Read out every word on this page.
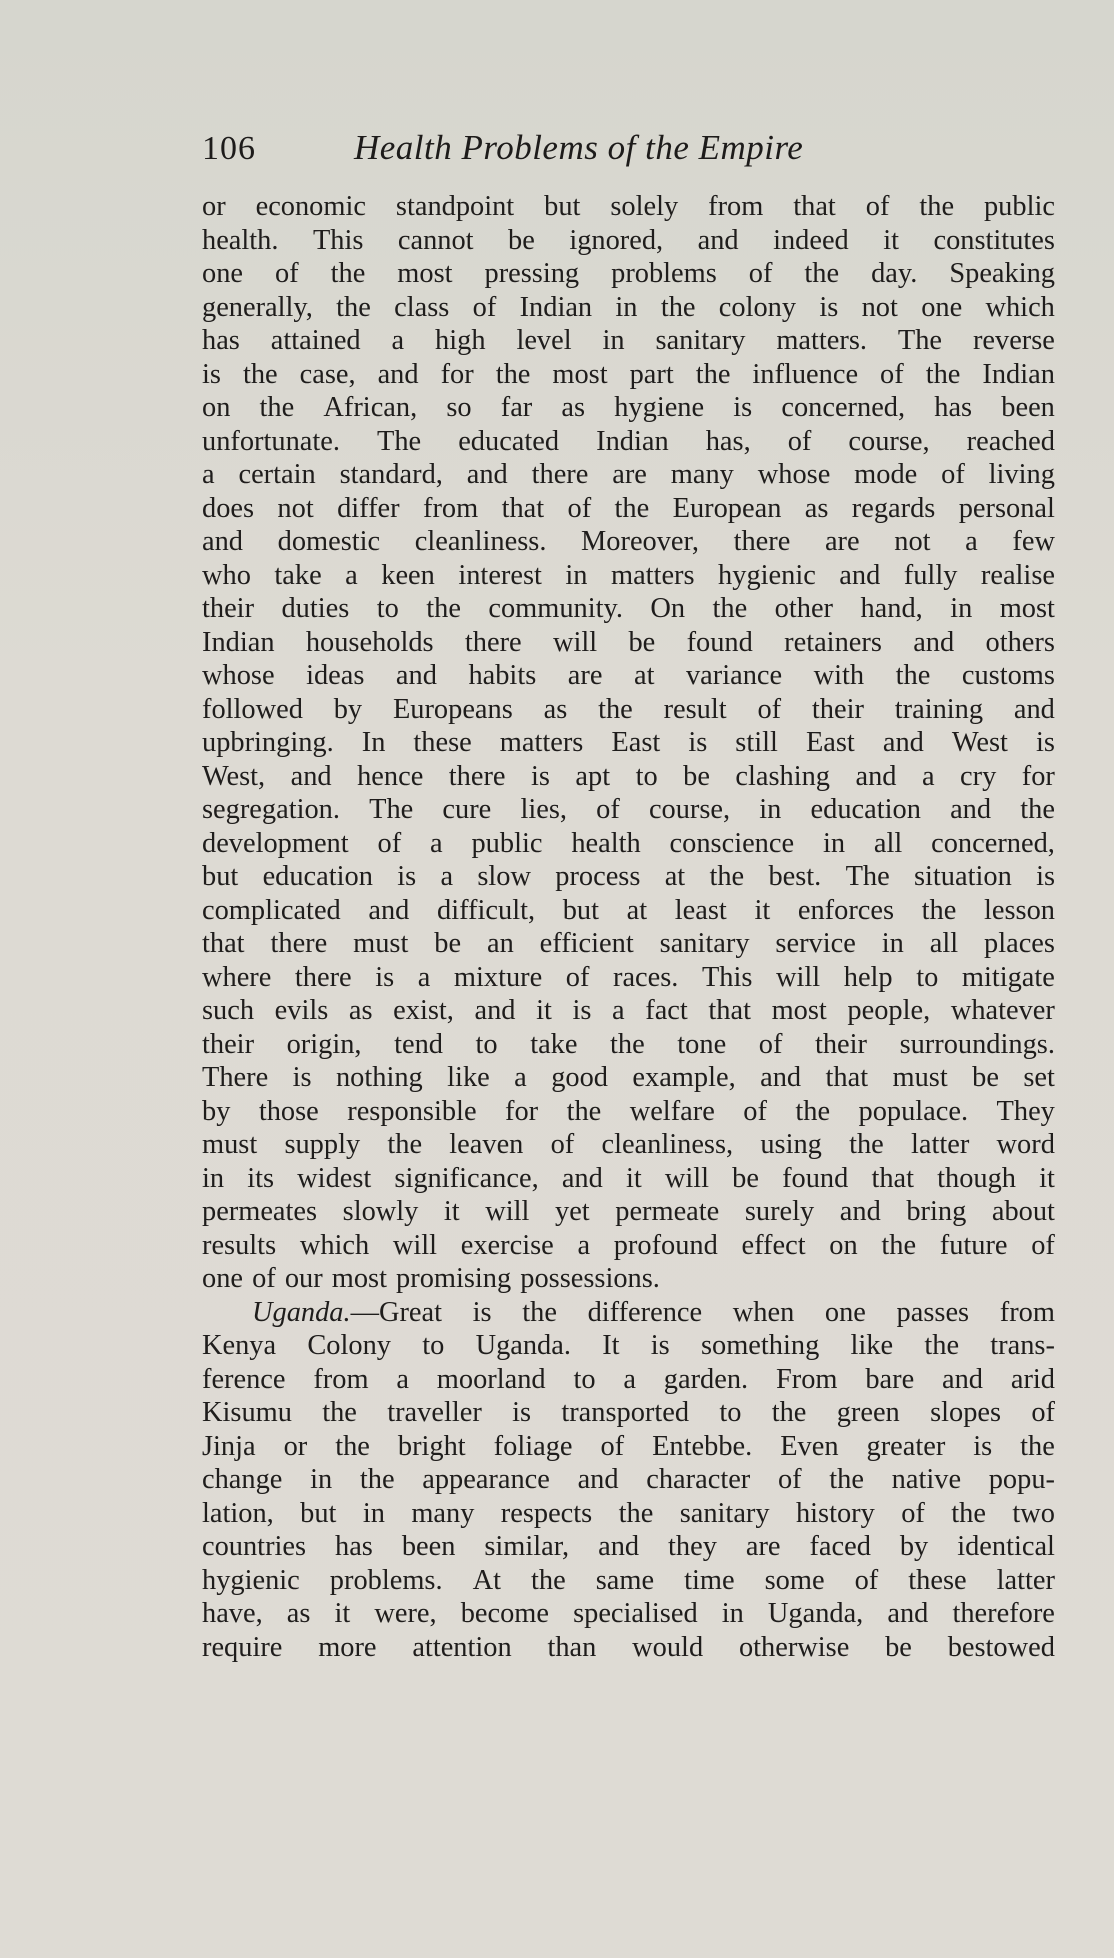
106	Health Problems of the Empire
or economic standpoint but solely from that of the public
health. This cannot be ignored, and indeed it constitutes
one of the most pressing problems of the day. Speaking
generally, the class of Indian in the colony is not one which
has attained a high level in sanitary matters. The reverse
is the case, and for the most part the influence of the Indian
on the African, so far as hygiene is concerned, has been
unfortunate. The educated Indian has, of course, reached
a certain standard, and there are many whose mode of living
does not differ from that of the European as regards personal
and domestic cleanliness. Moreover, there are not a few
who take a keen interest in matters hygienic and fully realise
their duties to the community. On the other hand, in most
Indian households there will be found retainers and others
whose ideas and habits are at variance with the customs
followed by Europeans as the result of their training and
upbringing. In these matters East is still East and West is
West, and hence there is apt to be clashing and a cry for
segregation. The cure lies, of course, in education and the
development of a public health conscience in all concerned,
but education is a slow process at the best. The situation is
complicated and difficult, but at least it enforces the lesson
that there must be an efficient sanitary service in all places
where there is a mixture of races. This will help to mitigate
such evils as exist, and it is a fact that most people, whatever
their origin, tend to take the tone of their surroundings.
There is nothing like a good example, and that must be set
by those responsible for the welfare of the populace. They
must supply the leaven of cleanliness, using the latter word
in its widest significance, and it will be found that though it
permeates slowly it will yet permeate surely and bring about
results which will exercise a profound effect on the future of
one of our most promising possessions.
Uganda.—Great is the difference when one passes from
Kenya Colony to Uganda. It is something like the trans-
ference from a moorland to a garden. From bare and arid
Kisumu the traveller is transported to the green slopes of
Jinja or the bright foliage of Entebbe. Even greater is the
change in the appearance and character of the native popu-
lation, but in many respects the sanitary history of the two
countries has been similar, and they are faced by identical
hygienic problems. At the same time some of these latter
have, as it were, become specialised in Uganda, and therefore
require more attention than would otherwise be bestowed
